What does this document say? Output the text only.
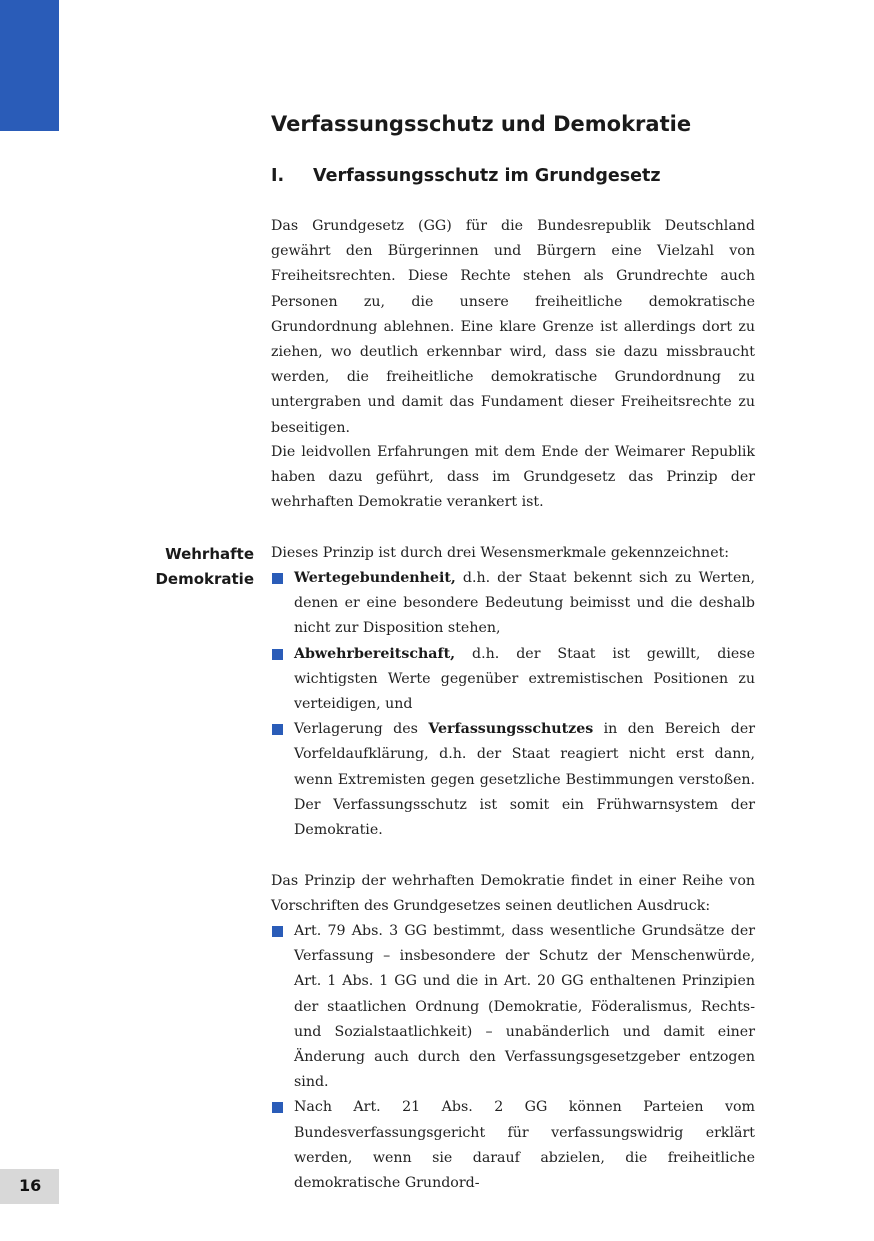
Verfassungsschutz und Demokratie
I. Verfassungsschutz im Grundgesetz

Das Grundgesetz (GG) für die Bundesrepublik Deutschland gewährt den Bürgerinnen und Bürgern eine Vielzahl von Freiheitsrechten. Diese Rechte stehen als Grundrechte auch Personen zu, die unsere freiheitliche demokratische Grundordnung ablehnen. Eine klare Grenze ist allerdings dort zu ziehen, wo deutlich erkennbar wird, dass sie dazu missbraucht werden, die freiheitliche demokratische Grundordnung zu untergraben und damit das Fundament dieser Freiheitsrechte zu beseitigen.

Die leidvollen Erfahrungen mit dem Ende der Weimarer Republik haben dazu geführt, dass im Grundgesetz das Prinzip der wehrhaften Demokratie verankert ist.

Wehrhafte
Demokratie

Dieses Prinzip ist durch drei Wesensmerkmale gekennzeichnet:

Wertegebundenheit, d.h. der Staat bekennt sich zu Werten, denen er eine besondere Bedeutung beimisst und die deshalb nicht zur Disposition stehen,
Abwehrbereitschaft, d.h. der Staat ist gewillt, diese wichtigsten Werte gegenüber extremistischen Positionen zu verteidigen, und
Verlagerung des Verfassungsschutzes in den Bereich der Vorfeldaufklärung, d.h. der Staat reagiert nicht erst dann, wenn Extremisten gegen gesetzliche Bestimmungen verstoßen. Der Verfassungsschutz ist somit ein Frühwarnsystem der Demokratie.

Das Prinzip der wehrhaften Demokratie findet in einer Reihe von Vorschriften des Grundgesetzes seinen deutlichen Ausdruck:

Art. 79 Abs. 3 GG bestimmt, dass wesentliche Grundsätze der Verfassung – insbesondere der Schutz der Menschenwürde, Art. 1 Abs. 1 GG und die in Art. 20 GG enthaltenen Prinzipien der staatlichen Ordnung (Demokratie, Föderalismus, Rechts- und Sozialstaatlichkeit) – unabänderlich und damit einer Änderung auch durch den Verfassungsgesetzgeber entzogen sind.
Nach Art. 21 Abs. 2 GG können Parteien vom Bundesverfassungsgericht für verfassungswidrig erklärt werden, wenn sie darauf abzielen, die freiheitliche demokratische Grundord-
16
